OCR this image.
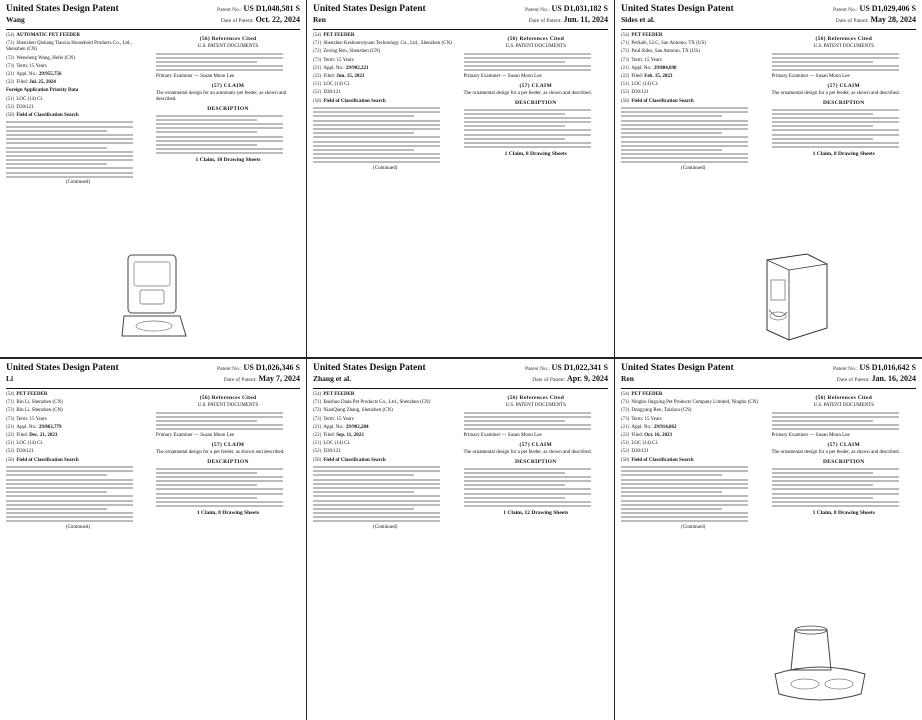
United States Design Patent
Wang
Patent No.: US D1,048,581 S
Date of Patent: Oct. 22, 2024
(54) AUTOMATIC PET FEEDER
(71) Shenzhen Qishang Tianxia Household Products Co., Ltd., Shenzhen (CN)
(72) Wensheng Wang, Hefei (CN)
(73) Term: 15 Years
(21) Appl. No.: 29/955,756
(22) Filed: Jul. 25, 2024
Foreign Application Priority Data
(51) LOC (14) Cl.
(52) D30/121
(58) Field of Classification Search
(Continued)
(56) References Cited
U.S. PATENT DOCUMENTS
Primary Examiner — Susan Moon Lee
(57) CLAIM
The ornamental design for an automatic pet feeder, as shown and described.
DESCRIPTION
1 Claim, 10 Drawing Sheets
United States Design Patent
Ren
Patent No.: US D1,031,182 S
Date of Patent: Jun. 11, 2024
(54) PET FEEDER
(71) Shenzhen Keshuoruiyuan Technology Co., Ltd., Shenzhen (CN)
(72) Zexing Ren, Shenzhen (CN)
(73) Term: 15 Years
(21) Appl. No.: 29/902,221
(22) Filed: Jun. 15, 2023
(51) LOC (14) Cl.
(52) D30/121
(58) Field of Classification Search
(Continued)
(56) References Cited
U.S. PATENT DOCUMENTS
Primary Examiner — Susan Moon Lee
(57) CLAIM
The ornamental design for a pet feeder, as shown and described.
DESCRIPTION
1 Claim, 8 Drawing Sheets
United States Design Patent
Sides et al.
Patent No.: US D1,029,406 S
Date of Patent: May 28, 2024
(54) PET FEEDER
(71) PetSafe, LLC, San Antonio, TX (US)
(72) Paul Sides, San Antonio, TX (US)
(73) Term: 15 Years
(21) Appl. No.: 29/884,698
(22) Filed: Feb. 15, 2023
(51) LOC (14) Cl.
(52) D30/121
(58) Field of Classification Search
(Continued)
(56) References Cited
U.S. PATENT DOCUMENTS
Primary Examiner — Susan Moon Lee
(57) CLAIM
The ornamental design for a pet feeder, as shown and described.
DESCRIPTION
1 Claim, 8 Drawing Sheets
United States Design Patent
Li
Patent No.: US D1,026,346 S
Date of Patent: May 7, 2024
(54) PET FEEDER
(71) Bin Li, Shenzhen (CN)
(72) Bin Li, Shenzhen (CN)
(73) Term: 15 Years
(21) Appl. No.: 29/863,779
(22) Filed: Dec. 21, 2023
(51) LOC (14) Cl.
(52) D30/121
(58) Field of Classification Search
(Continued)
(56) References Cited
U.S. PATENT DOCUMENTS
Primary Examiner — Susan Moon Lee
(57) CLAIM
The ornamental design for a pet feeder, as shown and described.
DESCRIPTION
1 Claim, 8 Drawing Sheets
United States Design Patent
Zhang et al.
Patent No.: US D1,022,341 S
Date of Patent: Apr. 9, 2024
(54) PET FEEDER
(71) Baishuo Dada Pet Products Co., Ltd., Shenzhen (CN)
(72) XiaoQiang Zhang, Shenzhen (CN)
(73) Term: 15 Years
(21) Appl. No.: 29/902,284
(22) Filed: Sep. 11, 2023
(51) LOC (14) Cl.
(52) D30/121
(58) Field of Classification Search
(Continued)
(56) References Cited
U.S. PATENT DOCUMENTS
Primary Examiner — Susan Moon Lee
(57) CLAIM
The ornamental design for a pet feeder, as shown and described.
DESCRIPTION
1 Claim, 12 Drawing Sheets
United States Design Patent
Ren
Patent No.: US D1,016,642 S
Date of Patent: Jan. 16, 2024
(54) PET FEEDER
(71) Ningbo Jingxing Pet Products Company Limited, Ningbo (CN)
(72) Dongyang Ren, Taizhou (CN)
(73) Term: 15 Years
(21) Appl. No.: 29/914,862
(22) Filed: Oct. 16, 2023
(51) LOC (14) Cl.
(52) D30/121
(58) Field of Classification Search
(Continued)
(56) References Cited
U.S. PATENT DOCUMENTS
Primary Examiner — Susan Moon Lee
(57) CLAIM
The ornamental design for a pet feeder, as shown and described.
DESCRIPTION
1 Claim, 8 Drawing Sheets
